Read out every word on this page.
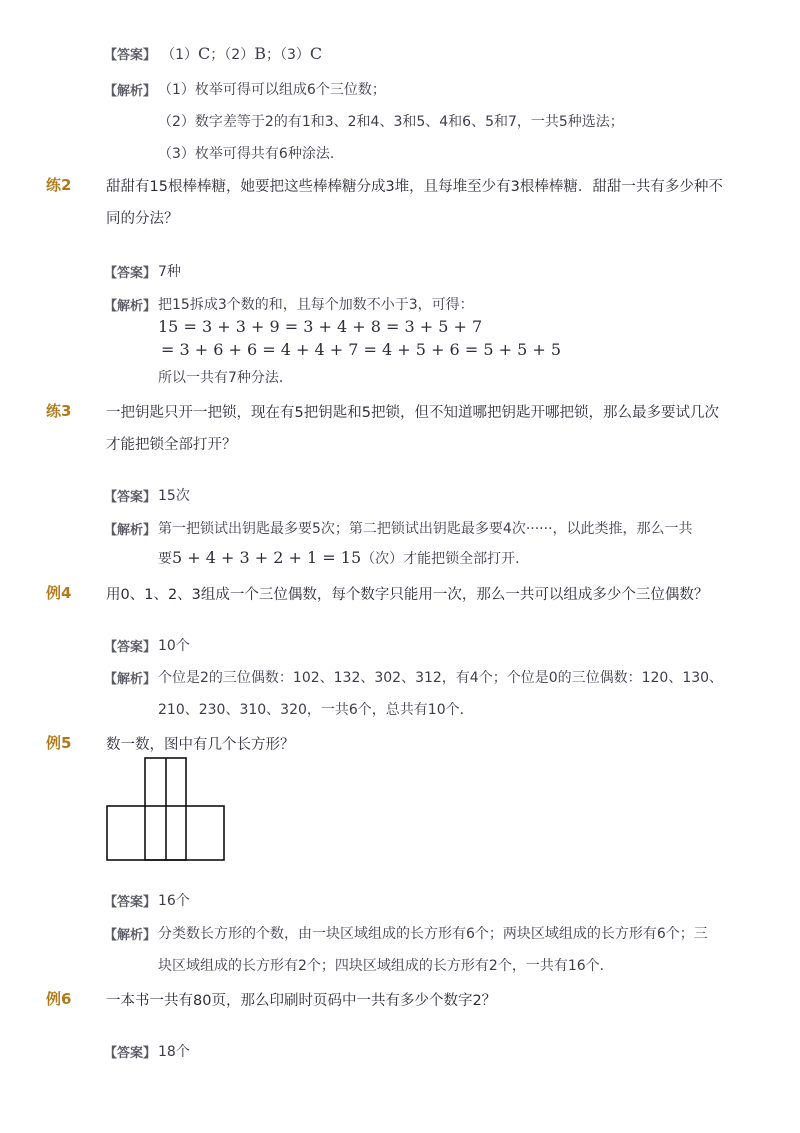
【答案】 （1）C；（2）B；（3）C
【解析】 （1）枚举可得可以组成6个三位数；
（2）数字差等于2的有1和3、2和4、3和5、4和6、5和7，一共5种选法；
（3）枚举可得共有6种涂法．
练2 甜甜有15根棒棒糖，她要把这些棒棒糖分成3堆，且每堆至少有3根棒棒糖．甜甜一共有多少种不
同的分法？
【答案】 7种
【解析】 把15拆成3个数的和，且每个加数不小于3，可得：
15 = 3 + 3 + 9 = 3 + 4 + 8 = 3 + 5 + 7
= 3 + 6 + 6 = 4 + 4 + 7 = 4 + 5 + 6 = 5 + 5 + 5
所以一共有7种分法．
练3 一把钥匙只开一把锁，现在有5把钥匙和5把锁，但不知道哪把钥匙开哪把锁，那么最多要试几次
才能把锁全部打开？
【答案】 15次
【解析】 第一把锁试出钥匙最多要5次；第二把锁试出钥匙最多要4次······，以此类推，那么一共
要5 + 4 + 3 + 2 + 1 = 15（次）才能把锁全部打开．
例4 用0、1、2、3组成一个三位偶数，每个数字只能用一次，那么一共可以组成多少个三位偶数？
【答案】 10个
【解析】 个位是2的三位偶数：102、132、302、312，有4个；个位是0的三位偶数：120、130、
210、230、310、320，一共6个，总共有10个．
例5 数一数，图中有几个长方形？
【答案】 16个
【解析】 分类数长方形的个数，由一块区域组成的长方形有6个；两块区域组成的长方形有6个；三
块区域组成的长方形有2个；四块区域组成的长方形有2个，一共有16个．
例6 一本书一共有80页，那么印刷时页码中一共有多少个数字2？
【答案】 18个
